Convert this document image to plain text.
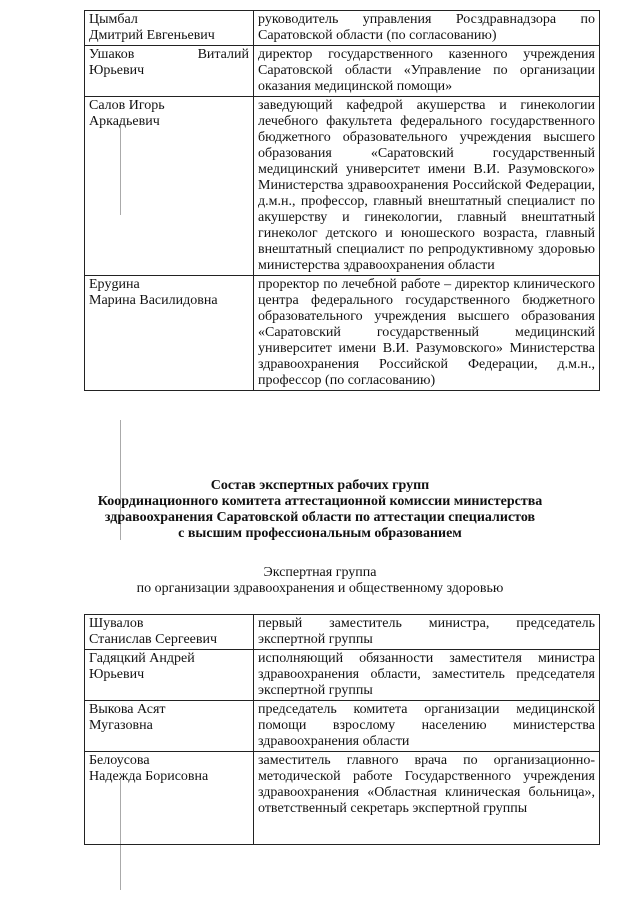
Цымбал
Дмитрий Евгеньевич	руководитель управления Росздравнадзора по Саратовской области (по согласованию)

Ушаков Виталий
Юрьевич	директор государственного казенного учреждения Саратовской области «Управление по организации оказания медицинской помощи»

Салов Игорь
Аркадьевич	заведующий кафедрой акушерства и гинекологии лечебного факультета федерального государственного бюджетного образовательного учреждения высшего образования «Саратовский государственный медицинский университет имени В.И. Разумовского» Министерства здравоохранения Российской Федерации, д.м.н., профессор, главный внештатный специалист по акушерству и гинекологии, главный внештатный гинеколог детского и юношеского возраста, главный внештатный специалист по репродуктивному здоровью министерства здравоохранения области

Ерygина
Марина Василидовна	проректор по лечебной работе – директор клинического центра федерального государственного бюджетного образовательного учреждения высшего образования «Саратовский государственный медицинский университет имени В.И. Разумовского» Министерства здравоохранения Российской Федерации, д.м.н., профессор (по согласованию)
Состав экспертных рабочих групп
Координационного комитета аттестационной комиссии министерства
здравоохранения Саратовской области по аттестации специалистов
с высшим профессиональным образованием
Экспертная группа
по организации здравоохранения и общественному здоровью
Шувалов
Станислав Сергеевич	первый заместитель министра, председатель экспертной группы

Гадяцкий Андрей
Юрьевич	исполняющий обязанности заместителя министра здравоохранения области, заместитель председателя экспертной группы

Выкова Асят
Мугазовна	председатель комитета организации медицинской помощи взрослому населению министерства здравоохранения области

Белоусова
Надежда Борисовна	заместитель главного врача по организационно-методической работе Государственного учреждения здравоохранения «Областная клиническая больница», ответственный секретарь экспертной группы
